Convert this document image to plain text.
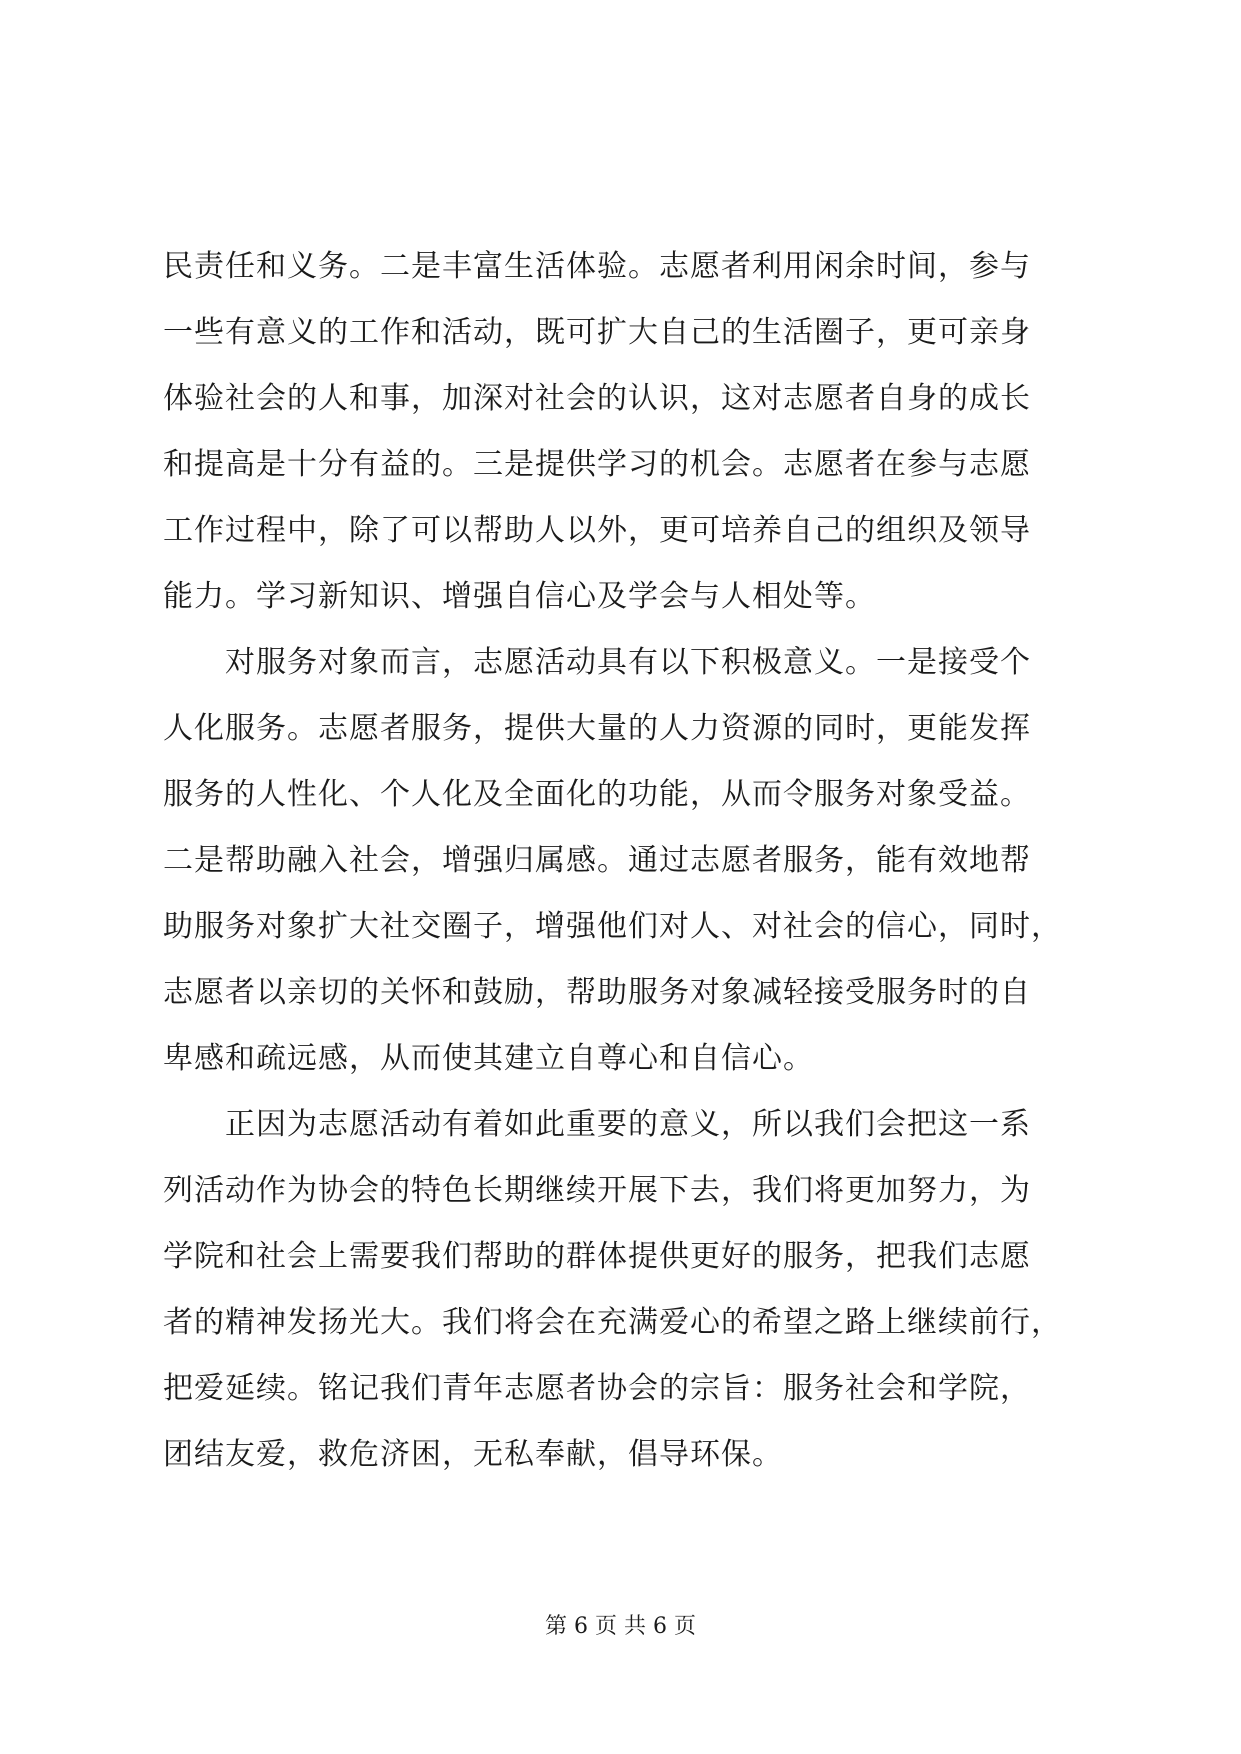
民责任和义务。二是丰富生活体验。志愿者利用闲余时间，参与
一些有意义的工作和活动，既可扩大自己的生活圈子，更可亲身
体验社会的人和事，加深对社会的认识，这对志愿者自身的成长
和提高是十分有益的。三是提供学习的机会。志愿者在参与志愿
工作过程中，除了可以帮助人以外，更可培养自己的组织及领导
能力。学习新知识、增强自信心及学会与人相处等。
　　对服务对象而言，志愿活动具有以下积极意义。一是接受个
人化服务。志愿者服务，提供大量的人力资源的同时，更能发挥
服务的人性化、个人化及全面化的功能，从而令服务对象受益。
二是帮助融入社会，增强归属感。通过志愿者服务，能有效地帮
助服务对象扩大社交圈子，增强他们对人、对社会的信心，同时，
志愿者以亲切的关怀和鼓励，帮助服务对象减轻接受服务时的自
卑感和疏远感，从而使其建立自尊心和自信心。
　　正因为志愿活动有着如此重要的意义，所以我们会把这一系
列活动作为协会的特色长期继续开展下去，我们将更加努力，为
学院和社会上需要我们帮助的群体提供更好的服务，把我们志愿
者的精神发扬光大。我们将会在充满爱心的希望之路上继续前行，
把爱延续。铭记我们青年志愿者协会的宗旨：服务社会和学院，
团结友爱，救危济困，无私奉献，倡导环保。
第 6 页 共 6 页
